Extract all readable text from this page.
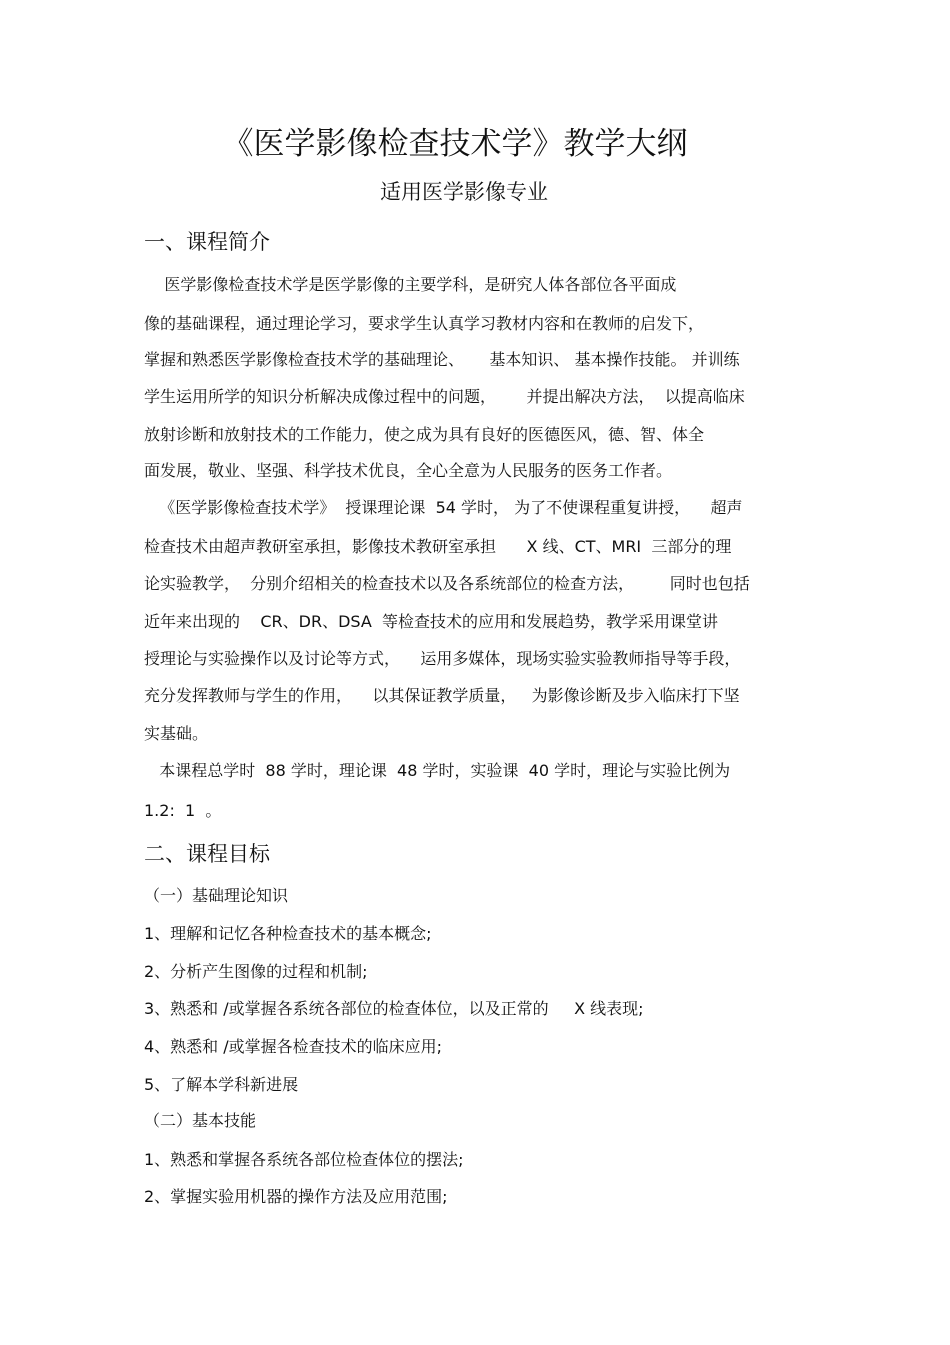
《医学影像检查技术学》教学大纲
适用医学影像专业
一、课程简介
医学影像检查技术学是医学影像的主要学科，是研究人体各部位各平面成
像的基础课程，通过理论学习，要求学生认真学习教材内容和在教师的启发下，
掌握和熟悉医学影像检查技术学的基础理论、     基本知识、 基本操作技能。 并训练
学生运用所学的知识分析解决成像过程中的问题，      并提出解决方法，  以提高临床
放射诊断和放射技术的工作能力，使之成为具有良好的医德医风，德、智、体全
面发展，敬业、坚强、科学技术优良，全心全意为人民服务的医务工作者。
《医学影像检查技术学》  授课理论课  54 学时， 为了不使课程重复讲授，    超声
检查技术由超声教研室承担，影像技术教研室承担      X 线、CT、MRI  三部分的理
论实验教学，  分别介绍相关的检查技术以及各系统部位的检查方法，       同时也包括
近年来出现的    CR、DR、DSA  等检查技术的应用和发展趋势，教学采用课堂讲
授理论与实验操作以及讨论等方式，    运用多媒体，现场实验实验教师指导等手段，
充分发挥教师与学生的作用，    以其保证教学质量，   为影像诊断及步入临床打下坚
实基础。
本课程总学时  88 学时，理论课  48 学时，实验课  40 学时，理论与实验比例为
1.2:  1  。
二、课程目标
（一）基础理论知识
1、理解和记忆各种检查技术的基本概念;
2、分析产生图像的过程和机制;
3、熟悉和 /或掌握各系统各部位的检查体位，以及正常的     X 线表现;
4、熟悉和 /或掌握各检查技术的临床应用;
5、了解本学科新进展
（二）基本技能
1、熟悉和掌握各系统各部位检查体位的摆法;
2、掌握实验用机器的操作方法及应用范围;
